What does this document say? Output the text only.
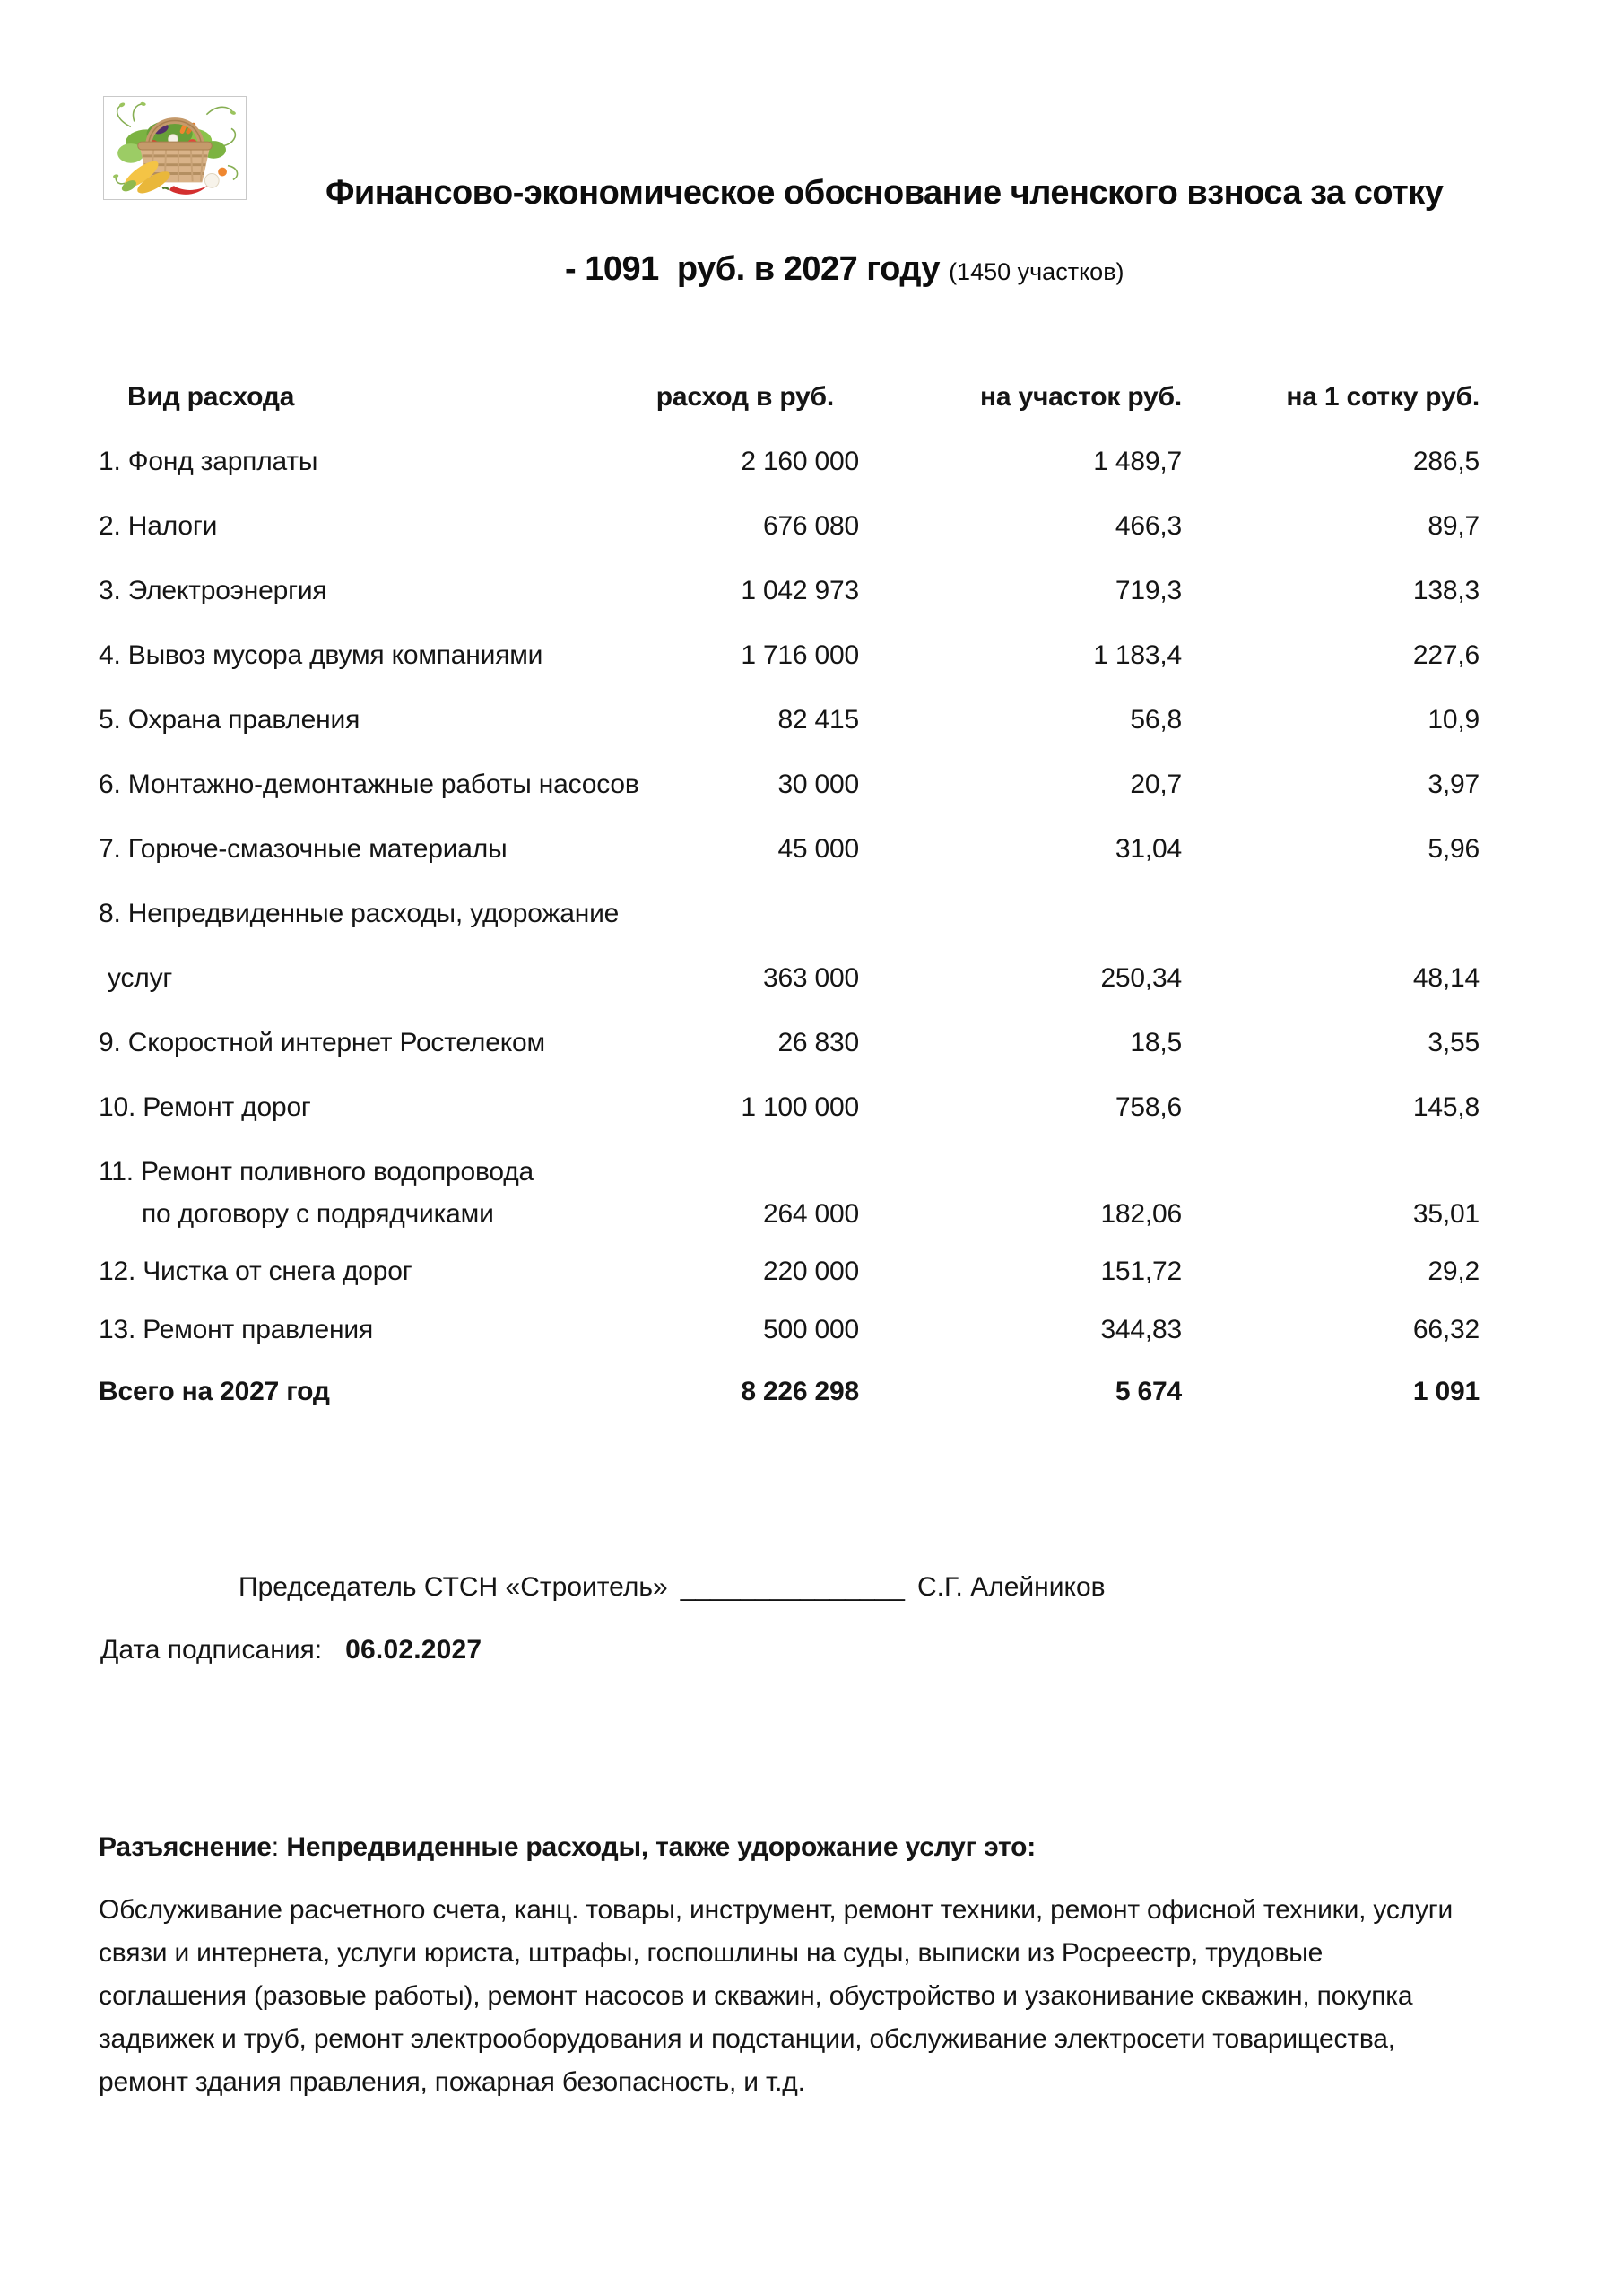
Финансово-экономическое обоснование членского взноса за сотку
- 1091  руб. в 2027 году (1450 участков)
Вид расхода	расход в руб.	на участок руб.	на 1 сотку руб.
1. Фонд зарплаты	2 160 000	1 489,7	286,5
2. Налоги	676 080	466,3	89,7
3. Электроэнергия	1 042 973	719,3	138,3
4. Вывоз мусора двумя компаниями	1 716 000	1 183,4	227,6
5. Охрана правления	82 415	56,8	10,9
6. Монтажно-демонтажные работы насосов	30 000	20,7	3,97
7. Горюче-смазочные материалы	45 000	31,04	5,96
8. Непредвиденные расходы, удорожание
услуг	363 000	250,34	48,14
9. Скоростной интернет Ростелеком	26 830	18,5	3,55
10. Ремонт дорог	1 100 000	758,6	145,8
11. Ремонт поливного водопровода
по договору с подрядчиками	264 000	182,06	35,01
12. Чистка от снега дорог	220 000	151,72	29,2
13. Ремонт правления	500 000	344,83	66,32
Всего на 2027 год	8 226 298	5 674	1 091
Председатель СТСН «Строитель» _______________ С.Г. Алейников
Дата подписания: 06.02.2027
Разъяснение: Непредвиденные расходы, также удорожание услуг это:

Обслуживание расчетного счета, канц. товары, инструмент, ремонт техники, ремонт офисной техники, услуги связи и интернета, услуги юриста, штрафы, госпошлины на суды, выписки из Росреестр, трудовые соглашения (разовые работы), ремонт насосов и скважин, обустройство и узаконивание скважин, покупка задвижек и труб, ремонт электрооборудования и подстанции, обслуживание электросети товарищества, ремонт здания правления, пожарная безопасность, и т.д.
